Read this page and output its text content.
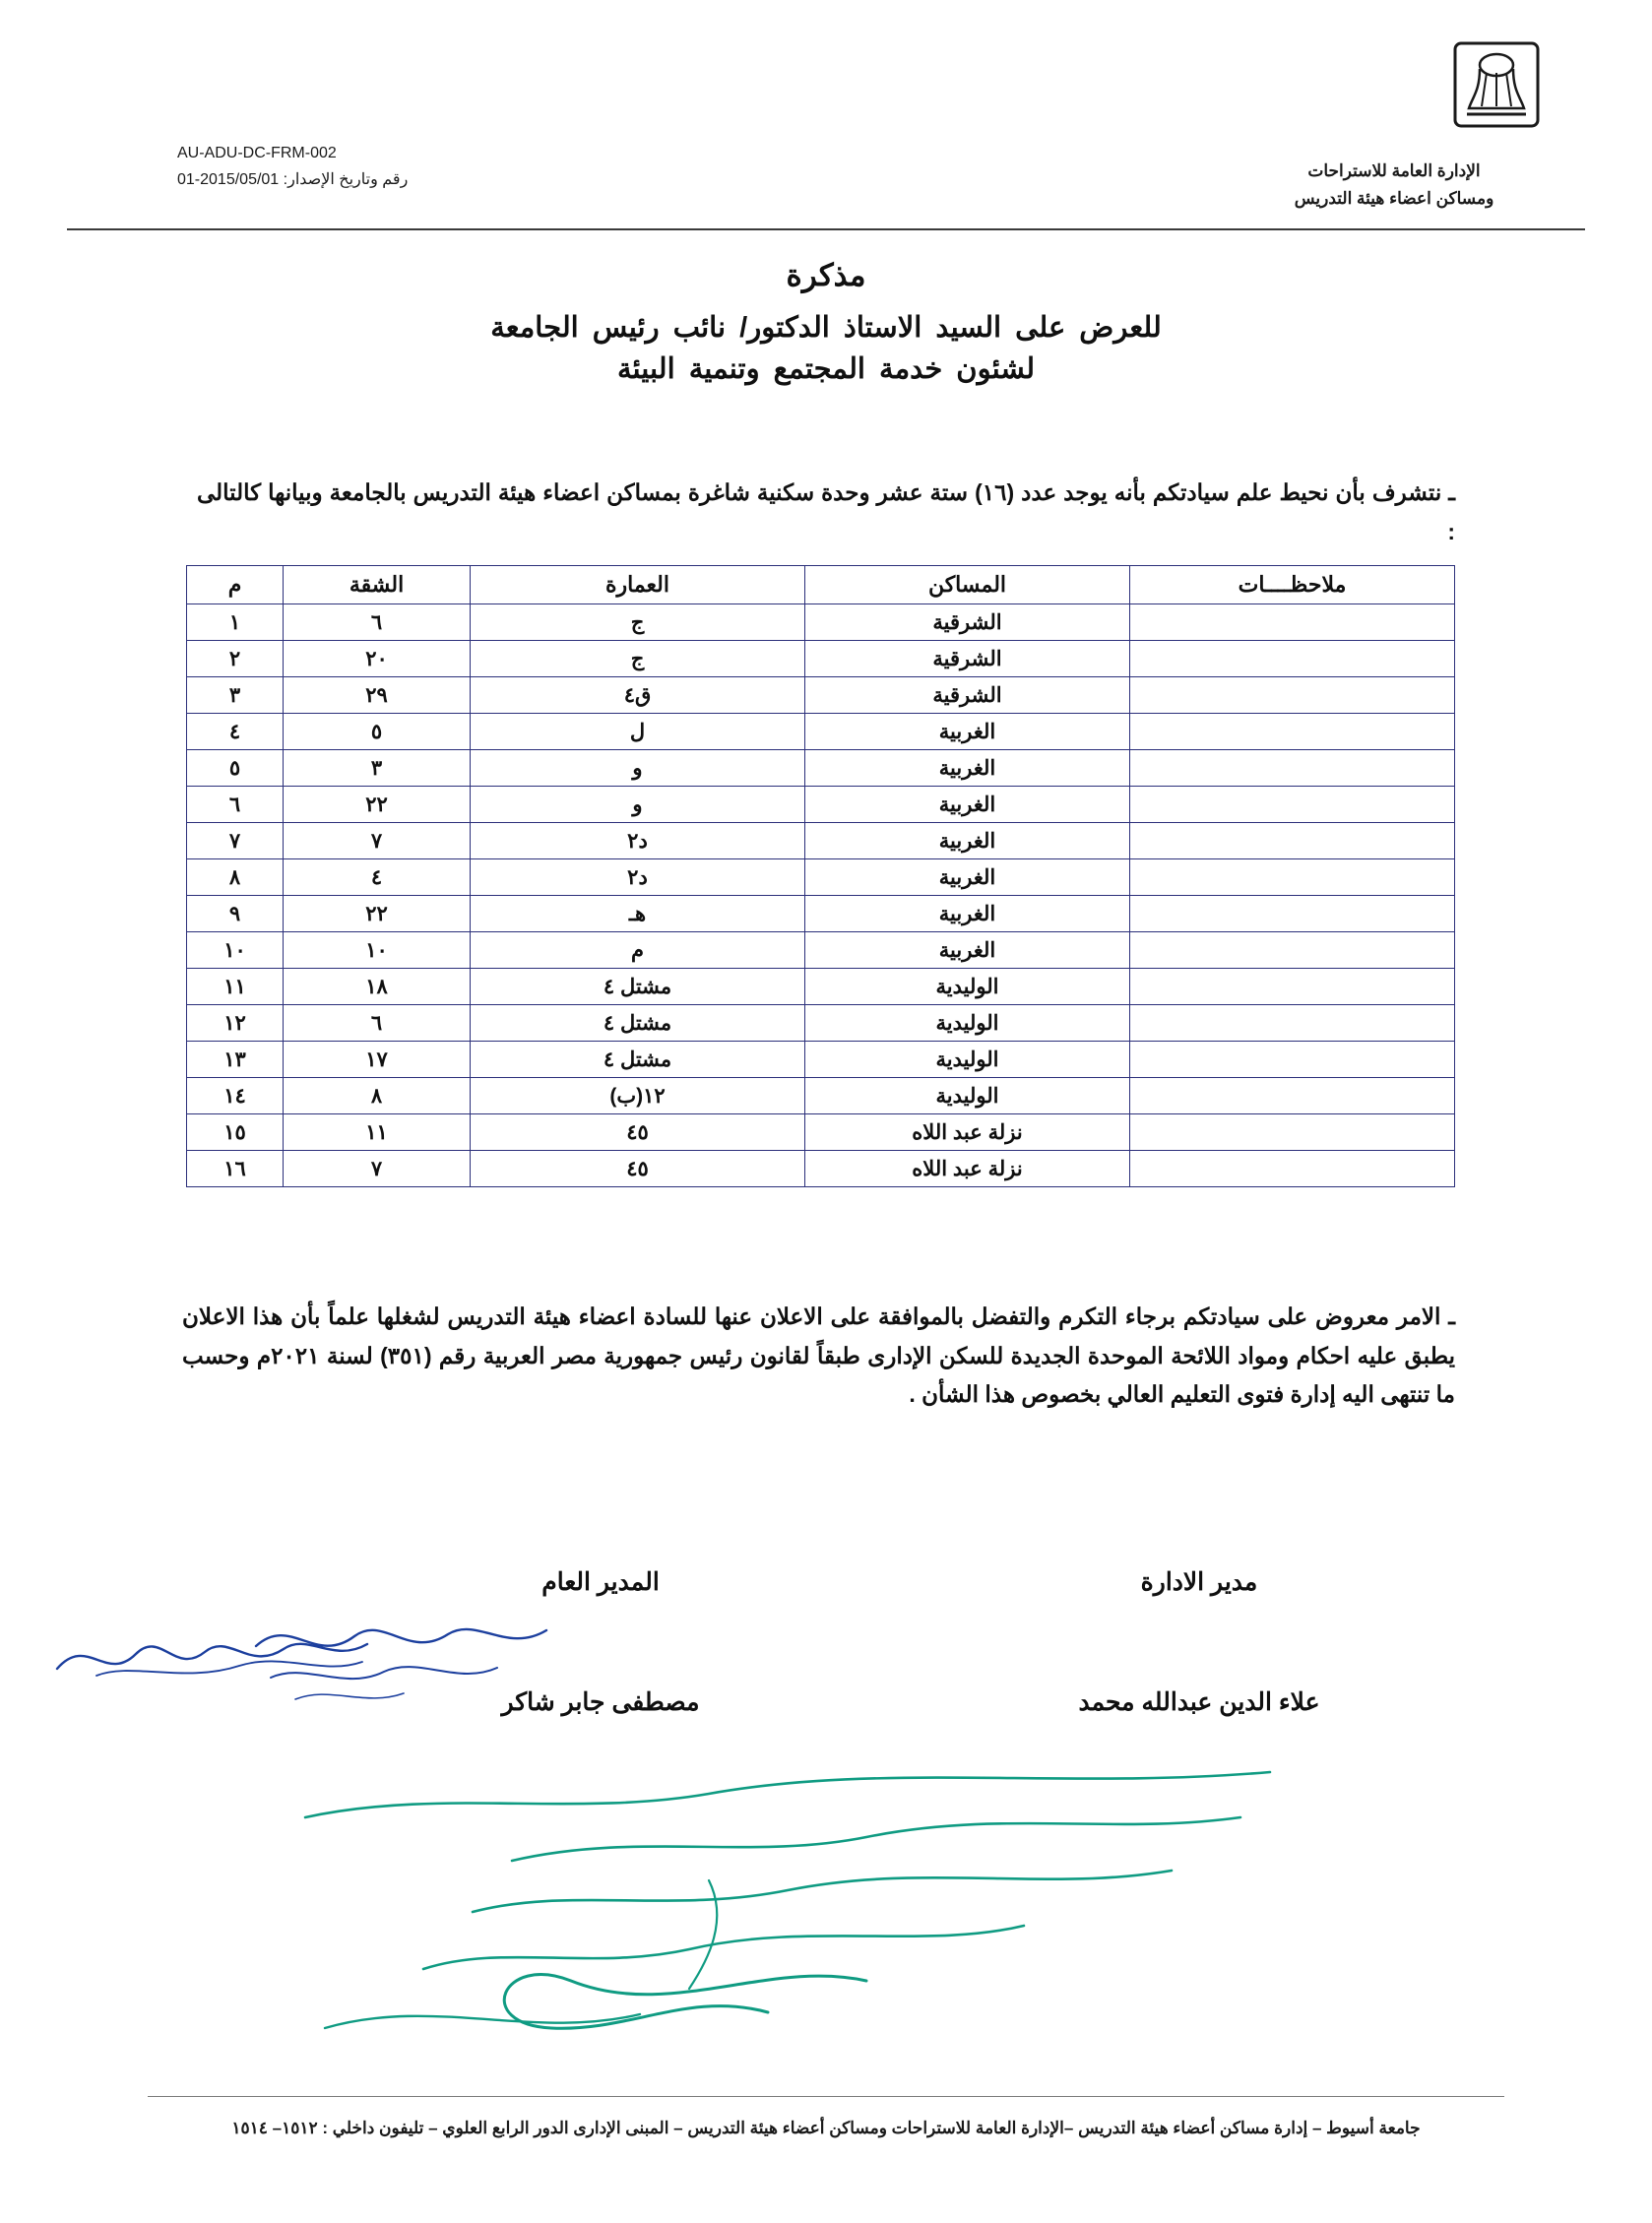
الإدارة العامة للاستراحات
ومساكن اعضاء هيئة التدريس
AU-ADU-DC-FRM-002
رقم وتاريخ الإصدار: 2015/05/01-01
مذكرة
للعرض على السيد الاستاذ الدكتور/ نائب رئيس الجامعة
لشئون خدمة المجتمع وتنمية البيئة
ـ نتشرف بأن نحيط علم سيادتكم بأنه يوجد عدد (١٦) ستة عشر وحدة سكنية شاغرة بمساكن اعضاء هيئة التدريس بالجامعة وبيانها كالتالى :
ملاحظــــات	المساكن	العمارة	الشقة	م
	الشرقية	ج	٦	١
	الشرقية	ج	٢٠	٢
	الشرقية	ق٤	٢٩	٣
	الغربية	ل	٥	٤
	الغربية	و	٣	٥
	الغربية	و	٢٢	٦
	الغربية	د٢	٧	٧
	الغربية	د٢	٤	٨
	الغربية	هـ	٢٢	٩
	الغربية	م	١٠	١٠
	الوليدية	مشتل ٤	١٨	١١
	الوليدية	مشتل ٤	٦	١٢
	الوليدية	مشتل ٤	١٧	١٣
	الوليدية	١٢(ب)	٨	١٤
	نزلة عبد اللاه	٤٥	١١	١٥
	نزلة عبد اللاه	٤٥	٧	١٦
ـ الامر معروض على سيادتكم برجاء التكرم والتفضل بالموافقة على الاعلان عنها للسادة اعضاء هيئة التدريس لشغلها علماً بأن هذا الاعلان يطبق عليه احكام ومواد اللائحة الموحدة الجديدة للسكن الإدارى طبقاً لقانون رئيس جمهورية مصر العربية رقم (٣٥١) لسنة ٢٠٢١م وحسب ما تنتهى اليه إدارة فتوى التعليم العالي بخصوص هذا الشأن .
مدير الادارة
علاء الدين عبدالله محمد
المدير العام
مصطفى جابر شاكر
جامعة أسيوط – إدارة مساكن أعضاء هيئة التدريس –الإدارة العامة للاستراحات ومساكن أعضاء هيئة التدريس – المبنى الإدارى الدور الرابع العلوي – تليفون داخلي : ١٥١٢– ١٥١٤
